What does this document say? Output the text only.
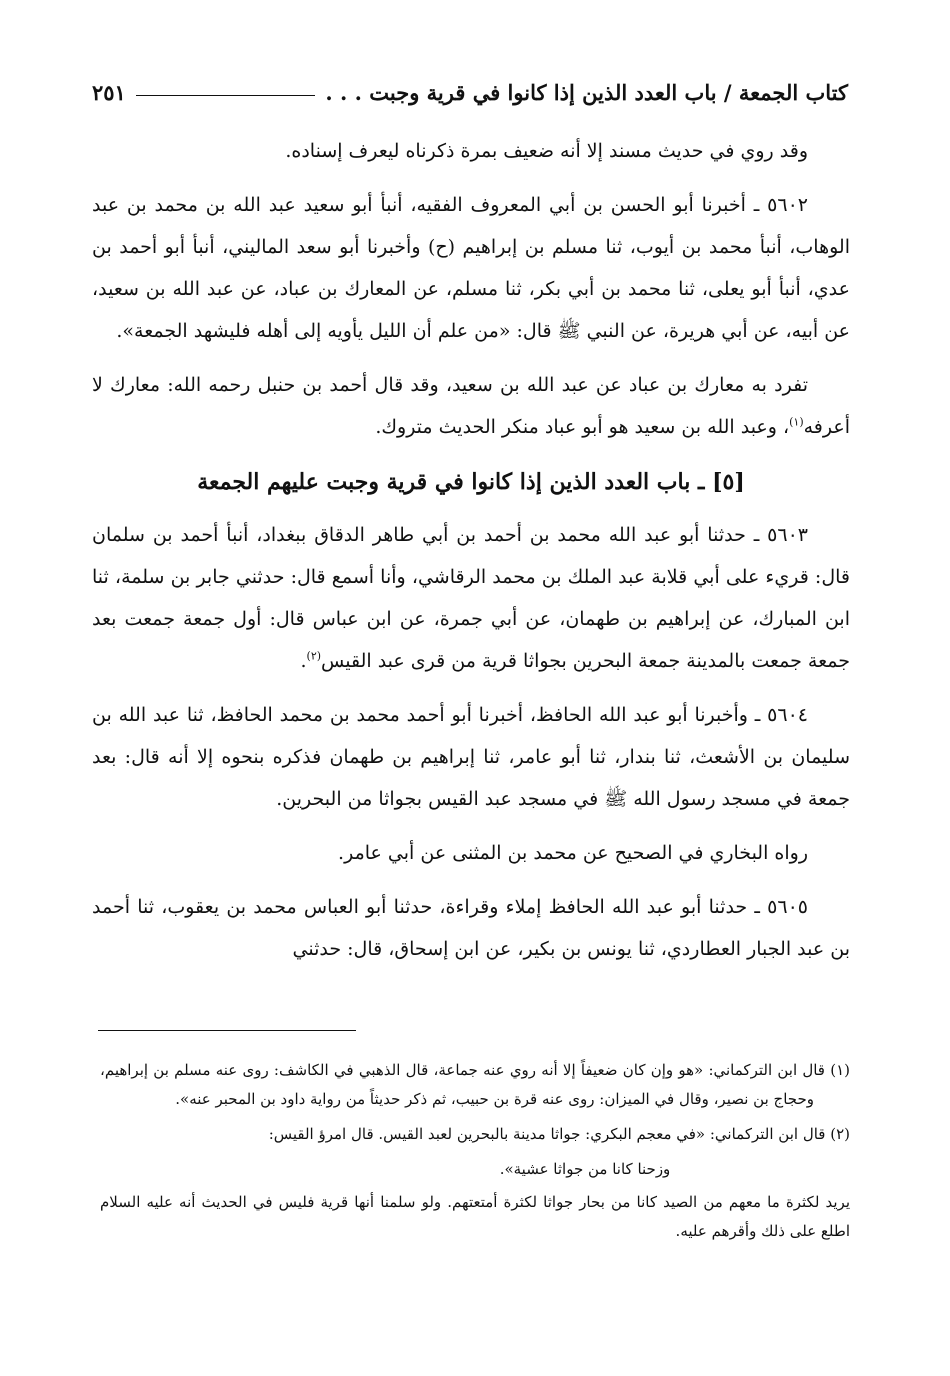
كتاب الجمعة / باب العدد الذين إذا كانوا في قرية وجبت . . .
٢٥١

وقد روي في حديث مسند إلا أنه ضعيف بمرة ذكرناه ليعرف إسناده.

٥٦٠٢ ـ أخبرنا أبو الحسن بن أبي المعروف الفقيه، أنبأ أبو سعيد عبد الله بن محمد بن عبد الوهاب، أنبأ محمد بن أيوب، ثنا مسلم بن إبراهيم (ح) وأخبرنا أبو سعد الماليني، أنبأ أبو أحمد بن عدي، أنبأ أبو يعلى، ثنا محمد بن أبي بكر، ثنا مسلم، عن المعارك بن عباد، عن عبد الله بن سعيد، عن أبيه، عن أبي هريرة، عن النبي ﷺ قال: «من علم أن الليل يأويه إلى أهله فليشهد الجمعة».

تفرد به معارك بن عباد عن عبد الله بن سعيد، وقد قال أحمد بن حنبل رحمه الله: معارك لا أعرفه$^{(١)}$، وعبد الله بن سعيد هو أبو عباد منكر الحديث متروك.

[٥] ـ باب العدد الذين إذا كانوا في قرية وجبت عليهم الجمعة

٥٦٠٣ ـ حدثنا أبو عبد الله محمد بن أحمد بن أبي طاهر الدقاق ببغداد، أنبأ أحمد بن سلمان قال: قريء على أبي قلابة عبد الملك بن محمد الرقاشي، وأنا أسمع قال: حدثني جابر بن سلمة، ثنا ابن المبارك، عن إبراهيم بن طهمان، عن أبي جمرة، عن ابن عباس قال: أول جمعة جمعت بعد جمعة جمعت بالمدينة جمعة البحرين بجواثا قرية من قرى عبد القيس$^{(٢)}$.

٥٦٠٤ ـ وأخبرنا أبو عبد الله الحافظ، أخبرنا أبو أحمد محمد بن محمد الحافظ، ثنا عبد الله بن سليمان بن الأشعث، ثنا بندار، ثنا أبو عامر، ثنا إبراهيم بن طهمان فذكره بنحوه إلا أنه قال: بعد جمعة في مسجد رسول الله ﷺ في مسجد عبد القيس بجواثا من البحرين.

رواه البخاري في الصحيح عن محمد بن المثنى عن أبي عامر.

٥٦٠٥ ـ حدثنا أبو عبد الله الحافظ إملاء وقراءة، حدثنا أبو العباس محمد بن يعقوب، ثنا أحمد بن عبد الجبار العطاردي، ثنا يونس بن بكير، عن ابن إسحاق، قال: حدثني

(١) قال ابن التركماني: «هو وإن كان ضعيفاً إلا أنه روي عنه جماعة، قال الذهبي في الكاشف: روى عنه مسلم بن إبراهيم، وحجاج بن نصير، وقال في الميزان: روى عنه قرة بن حبيب، ثم ذكر حديثاً من رواية داود بن المحبر عنه».

(٢) قال ابن التركماني: «في معجم البكري: جواثا مدينة بالبحرين لعبد القيس. قال امرؤ القيس:

وزحنا كانا من جواثا عشية».

يريد لكثرة ما معهم من الصيد كانا من بحار جواثا لكثرة أمتعتهم. ولو سلمنا أنها قرية فليس في الحديث أنه عليه السلام اطلع على ذلك وأقرهم عليه.
